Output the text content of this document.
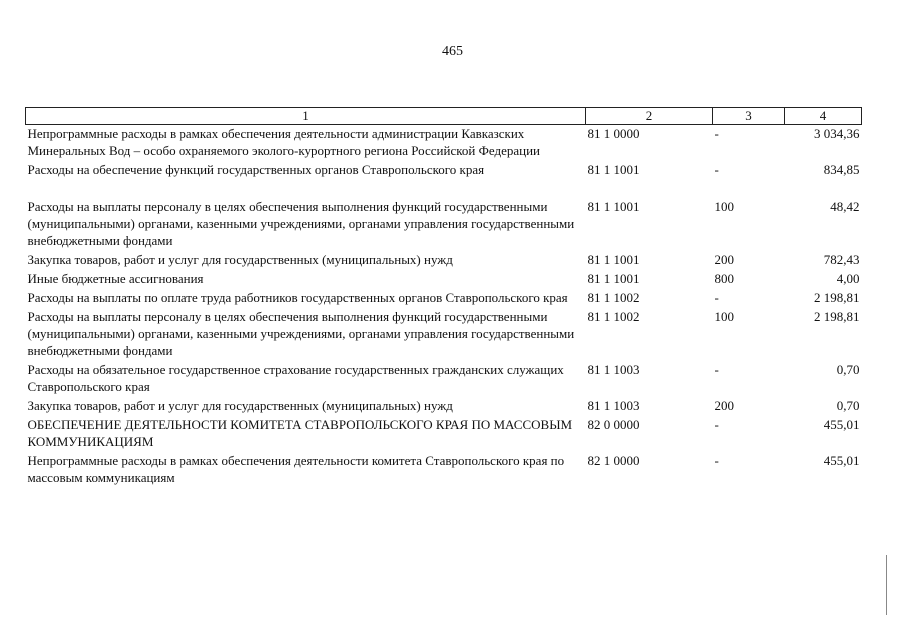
465
1	2	3	4
Непрограммные расходы в рамках обеспечения деятельности администрации Кавказских Минеральных Вод – особо охраняемого эколого-курортного региона Российской Федерации	81 1 0000	-	3 034,36
Расходы на обеспечение функций государственных органов Ставропольского края	81 1 1001	-	834,85
Расходы на выплаты персоналу в целях обеспечения выполнения функций государственными (муниципальными) органами, казенными учреждениями, органами управления государственными внебюджетными фондами	81 1 1001	100	48,42
Закупка товаров, работ и услуг для государственных (муниципальных) нужд	81 1 1001	200	782,43
Иные бюджетные ассигнования	81 1 1001	800	4,00
Расходы на выплаты по оплате труда работников государственных органов Ставропольского края	81 1 1002	-	2 198,81
Расходы на выплаты персоналу в целях обеспечения выполнения функций государственными (муниципальными) органами, казенными учреждениями, органами управления государственными внебюджетными фондами	81 1 1002	100	2 198,81
Расходы на обязательное государственное страхование государственных гражданских служащих Ставропольского края	81 1 1003	-	0,70
Закупка товаров, работ и услуг для государственных (муниципальных) нужд	81 1 1003	200	0,70
ОБЕСПЕЧЕНИЕ ДЕЯТЕЛЬНОСТИ КОМИТЕТА СТАВРОПОЛЬСКОГО КРАЯ ПО МАССОВЫМ КОММУНИКАЦИЯМ	82 0 0000	-	455,01
Непрограммные расходы в рамках обеспечения деятельности комитета Ставропольского края по массовым коммуникациям	82 1 0000	-	455,01
